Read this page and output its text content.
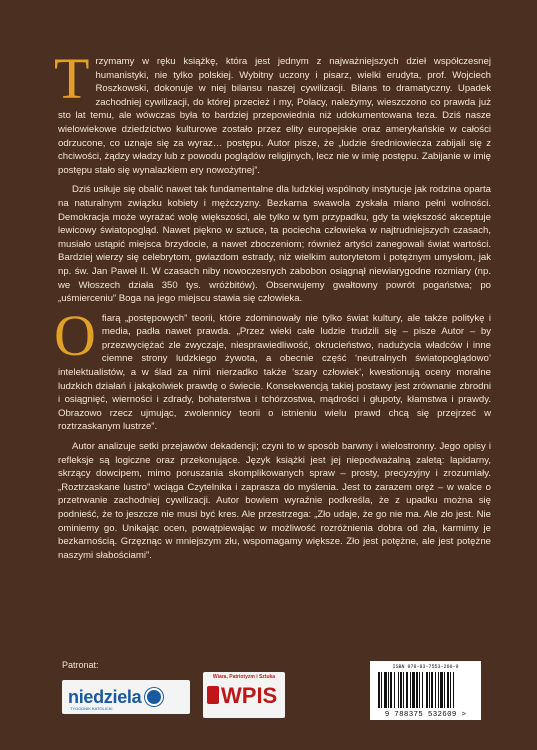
Trzymamy w ręku książkę, która jest jednym z najważniejszych dzieł współczesnej humanistyki, nie tylko polskiej. Wybitny uczony i pisarz, wielki erudyta, prof. Wojciech Roszkowski, dokonuje w niej bilansu naszej cywilizacji. Bilans to dramatyczny. Upadek zachodniej cywilizacji, do której przecież i my, Polacy, należymy, wieszczono co prawda już sto lat temu, ale wówczas była to bardziej przepowiednia niż udokumentowana teza. Dziś nasze wielowiekowe dziedzictwo kulturowe zostało przez elity europejskie oraz amerykańskie w całości odrzucone, co uznaje się za wyraz… postępu. Autor pisze, że „ludzie średniowiecza zabijali się z chciwości, żądzy władzy lub z powodu poglądów religijnych, lecz nie w imię postępu. Zabijanie w imię postępu stało się wynalazkiem ery nowożytnej”.

Dziś usiłuje się obalić nawet tak fundamentalne dla ludzkiej wspólnoty instytucje jak rodzina oparta na naturalnym związku kobiety i mężczyzny. Bezkarna swawola zyskała miano pełni wolności. Demokracja może wyrażać wolę większości, ale tylko w tym przypadku, gdy ta większość akceptuje lewicowy światopogląd. Nawet piękno w sztuce, ta pociecha człowieka w najtrudniejszych czasach, musiało ustąpić miejsca brzydocie, a nawet zboczeniom; również artyści zanegowali świat wartości. Bardziej wierzy się celebrytom, gwiazdom estrady, niż wielkim autorytetom i potężnym umysłom, jak np. św. Jan Paweł II. W czasach niby nowoczesnych zabobon osiągnął niewiarygodne rozmiary (np. we Włoszech działa 350 tys. wróżbitów). Obserwujemy gwałtowny powrót pogaństwa; po „uśmierceniu” Boga na jego miejscu stawia się człowieka.

Ofiarą „postępowych” teorii, które zdominowały nie tylko świat kultury, ale także politykę i media, padła nawet prawda. „Przez wieki całe ludzie trudzili się – pisze Autor – by przezwyciężać zle zwyczaje, niesprawiedliwość, okrucieństwo, nadużycia władców i inne ciemne strony ludzkiego żywota, a obecnie część ‘neutralnych światopoglądowo’ intelektualistów, a w ślad za nimi nierzadko także ‘szary człowiek’, kwestionują oceny moralne ludzkich działań i jakąkolwiek prawdę o świecie. Konsekwencją takiej postawy jest zrównanie zbrodni i osiągnięć, wierności i zdrady, bohaterstwa i tchórzostwa, mądrości i głupoty, kłamstwa i prawdy. Obrazowo rzecz ujmując, zwolennicy teorii o istnieniu wielu prawd chcą się przejrzeć w roztrzaskanym lustrze”.

Autor analizuje setki przejawów dekadencji; czyni to w sposób barwny i wielostronny. Jego opisy i refleksje są logiczne oraz przekonujące. Język książki jest jej niepodważalną zaletą: lapidarny, skrzący dowcipem, mimo poruszania skomplikowanych spraw – prosty, precyzyjny i zrozumiały. „Roztrzaskane lustro” wciąga Czytelnika i zaprasza do myślenia. Jest to zarazem oręż – w walce o przetrwanie zachodniej cywilizacji. Autor bowiem wyraźnie podkreśla, że z upadku można się podnieść, że to jeszcze nie musi być kres. Ale przestrzega: „Zło udaje, że go nie ma. Ale zło jest. Nie ominiemy go. Unikając ocen, powątpiewając w możliwość rozróżnienia dobra od zła, karmimy je bezkarnością. Grzęznąc w mniejszym złu, wspomagamy większe. Zło jest potężne, ale jest potężne naszymi słabościami”.

Patronat:
niedziela
TYGODNIK KATOLICKI
Wiara, Patriotyzm i Sztuka
WPIS
ISBN 978-83-7553-260-9
9 788375 532609 >
